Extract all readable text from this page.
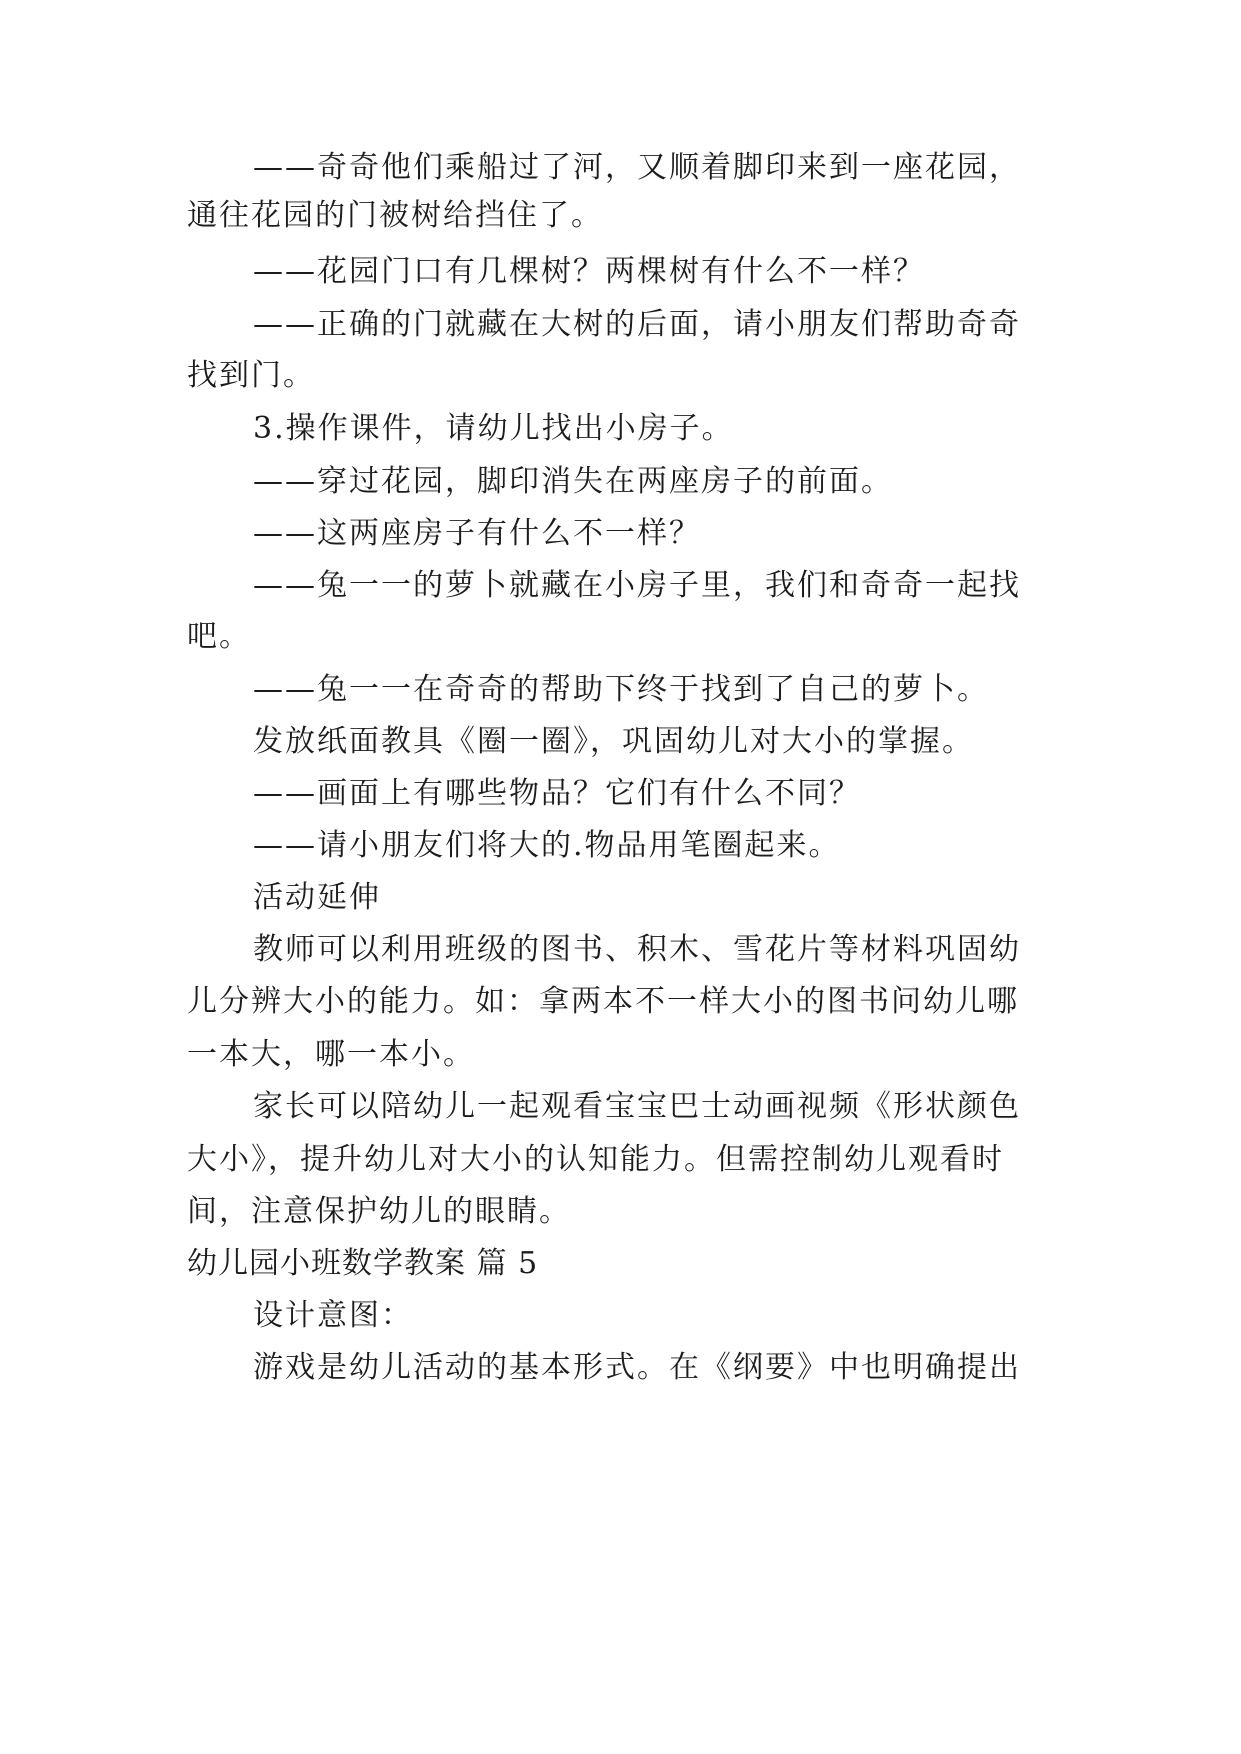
——奇奇他们乘船过了河，又顺着脚印来到一座花园，
通往花园的门被树给挡住了。
——花园门口有几棵树？两棵树有什么不一样？
——正确的门就藏在大树的后面，请小朋友们帮助奇奇
找到门。
3.操作课件，请幼儿找出小房子。
——穿过花园，脚印消失在两座房子的前面。
——这两座房子有什么不一样？
——兔一一的萝卜就藏在小房子里，我们和奇奇一起找
吧。
——兔一一在奇奇的帮助下终于找到了自己的萝卜。
发放纸面教具《圈一圈》，巩固幼儿对大小的掌握。
——画面上有哪些物品？它们有什么不同？
——请小朋友们将大的.物品用笔圈起来。
活动延伸
教师可以利用班级的图书、积木、雪花片等材料巩固幼
儿分辨大小的能力。如：拿两本不一样大小的图书问幼儿哪
一本大，哪一本小。
家长可以陪幼儿一起观看宝宝巴士动画视频《形状颜色
大小》，提升幼儿对大小的认知能力。但需控制幼儿观看时
间，注意保护幼儿的眼睛。
幼儿园小班数学教案 篇 5
设计意图：
游戏是幼儿活动的基本形式。在《纲要》中也明确提出
